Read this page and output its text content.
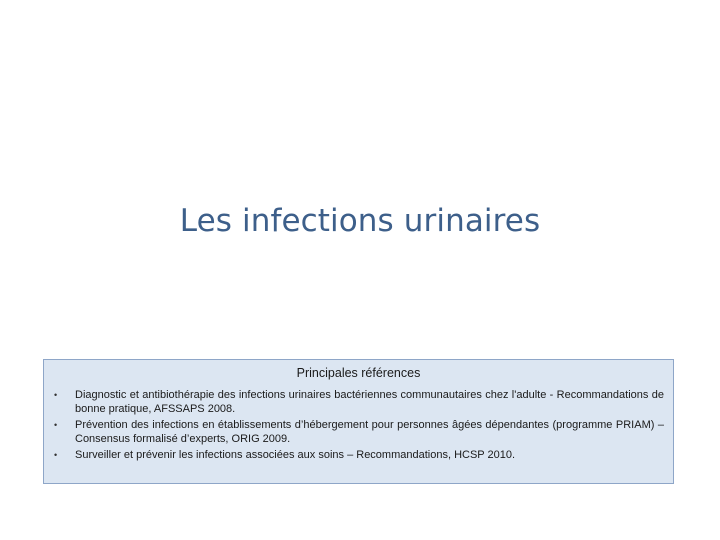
Les infections urinaires
Principales références
• Diagnostic et antibiothérapie des infections urinaires bactériennes communautaires chez l'adulte - Recommandations de bonne pratique, AFSSAPS 2008.
• Prévention des infections en établissements d’hébergement pour personnes âgées dépendantes (programme PRIAM) – Consensus formalisé d’experts, ORIG 2009.
• Surveiller et prévenir les infections associées aux soins – Recommandations, HCSP 2010.
